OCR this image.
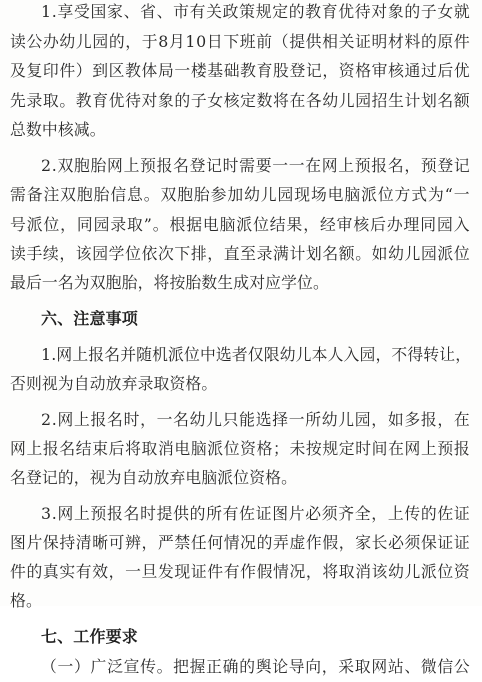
1 . 享 受 国 家 、 省 、 市 有 关 政 策 规 定 的 教 育 优 待 对 象 的 子 女 就
读 公 办 幼 儿 园 的 ， 于 8 月 1 0 日 下 班 前 （ 提 供 相 关 证 明 材 料 的 原 件
及 复 印 件 ） 到 区 教 体 局 一 楼 基 础 教 育 股 登 记 ， 资 格 审 核 通 过 后 优
先 录 取 。 教 育 优 待 对 象 的 子 女 核 定 数 将 在 各 幼 儿 园 招 生 计 划 名 额
总数中核减。
2 . 双 胞 胎 网 上 预 报 名 登 记 时 需 要 一 一 在 网 上 预 报 名 ， 预 登 记
需 备 注 双 胞 胎 信 息 。 双 胞 胎 参 加 幼 儿 园 现 场 电 脑 派 位 方 式 为 “ 一
号 派 位 ， 同 园 录 取 ” 。 根 据 电 脑 派 位 结 果 ， 经 审 核 后 办 理 同 园 入
读 手 续 ， 该 园 学 位 依 次 下 排 ， 直 至 录 满 计 划 名 额 。 如 幼 儿 园 派 位
最后一名为双胞胎，将按胎数生成对应学位。
六、注意事项
1 . 网 上 报 名 并 随 机 派 位 中 选 者 仅 限 幼 儿 本 人 入 园 ， 不 得 转 让 ，
否则视为自动放弃录取资格。
2 . 网 上 报 名 时 ， 一 名 幼 儿 只 能 选 择 一 所 幼 儿 园 ， 如 多 报 ， 在
网 上 报 名 结 束 后 将 取 消 电 脑 派 位 资 格 ； 未 按 规 定 时 间 在 网 上 预 报
名登记的，视为自动放弃电脑派位资格。
3 . 网 上 预 报 名 时 提 供 的 所 有 佐 证 图 片 必 须 齐 全 ， 上 传 的 佐 证
图 片 保 持 清 晰 可 辨 ， 严 禁 任 何 情 况 的 弄 虚 作 假 ， 家 长 必 须 保 证 证
件 的 真 实 有 效 ， 一 旦 发 现 证 件 有 作 假 情 况 ， 将 取 消 该 幼 儿 派 位 资
格。
七、工作要求
（ 一 ） 广 泛 宣 传 。 把 握 正 确 的 舆 论 导 向 ， 采 取 网 站 、 微 信 公
